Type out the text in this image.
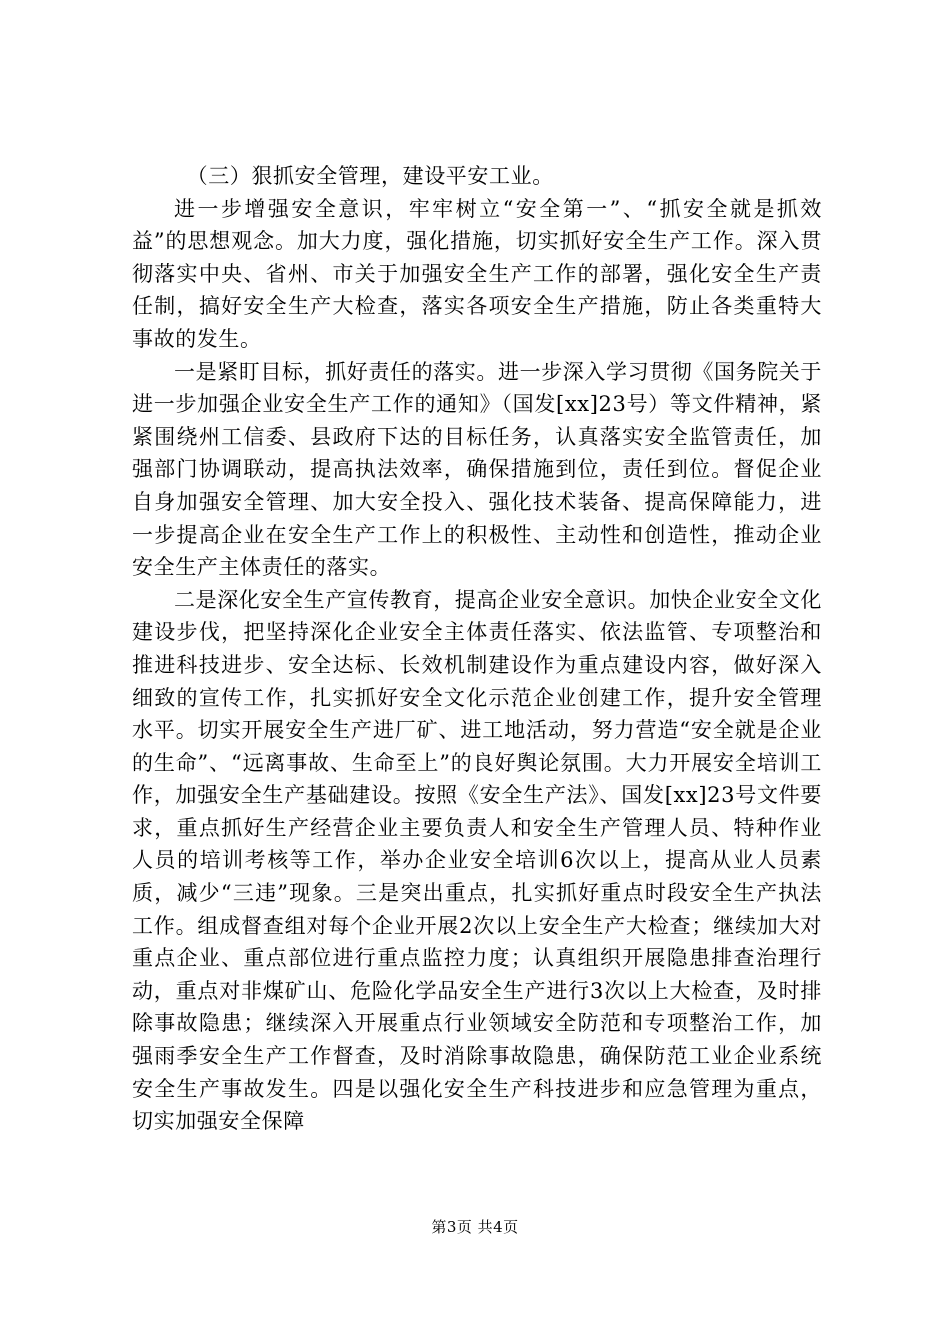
（三）狠抓安全管理，建设平安工业。

进一步增强安全意识，牢牢树立“安全第一”、“抓安全就是抓效益”的思想观念。加大力度，强化措施，切实抓好安全生产工作。深入贯彻落实中央、省州、市关于加强安全生产工作的部署，强化安全生产责任制，搞好安全生产大检查，落实各项安全生产措施，防止各类重特大事故的发生。

一是紧盯目标，抓好责任的落实。进一步深入学习贯彻《国务院关于进一步加强企业安全生产工作的通知》（国发[xx]23号）等文件精神，紧紧围绕州工信委、县政府下达的目标任务，认真落实安全监管责任，加强部门协调联动，提高执法效率，确保措施到位，责任到位。督促企业自身加强安全管理、加大安全投入、强化技术装备、提高保障能力，进一步提高企业在安全生产工作上的积极性、主动性和创造性，推动企业安全生产主体责任的落实。

二是深化安全生产宣传教育，提高企业安全意识。加快企业安全文化建设步伐，把坚持深化企业安全主体责任落实、依法监管、专项整治和推进科技进步、安全达标、长效机制建设作为重点建设内容，做好深入细致的宣传工作，扎实抓好安全文化示范企业创建工作，提升安全管理水平。切实开展安全生产进厂矿、进工地活动，努力营造“安全就是企业的生命”、“远离事故、生命至上”的良好舆论氛围。大力开展安全培训工作，加强安全生产基础建设。按照《安全生产法》、国发[xx]23号文件要求，重点抓好生产经营企业主要负责人和安全生产管理人员、特种作业人员的培训考核等工作，举办企业安全培训6次以上，提高从业人员素质，减少“三违”现象。三是突出重点，扎实抓好重点时段安全生产执法工作。组成督查组对每个企业开展2次以上安全生产大检查；继续加大对重点企业、重点部位进行重点监控力度；认真组织开展隐患排查治理行动，重点对非煤矿山、危险化学品安全生产进行3次以上大检查，及时排除事故隐患；继续深入开展重点行业领域安全防范和专项整治工作，加强雨季安全生产工作督查，及时消除事故隐患，确保防范工业企业系统安全生产事故发生。四是以强化安全生产科技进步和应急管理为重点，切实加强安全保障

第3页 共4页
